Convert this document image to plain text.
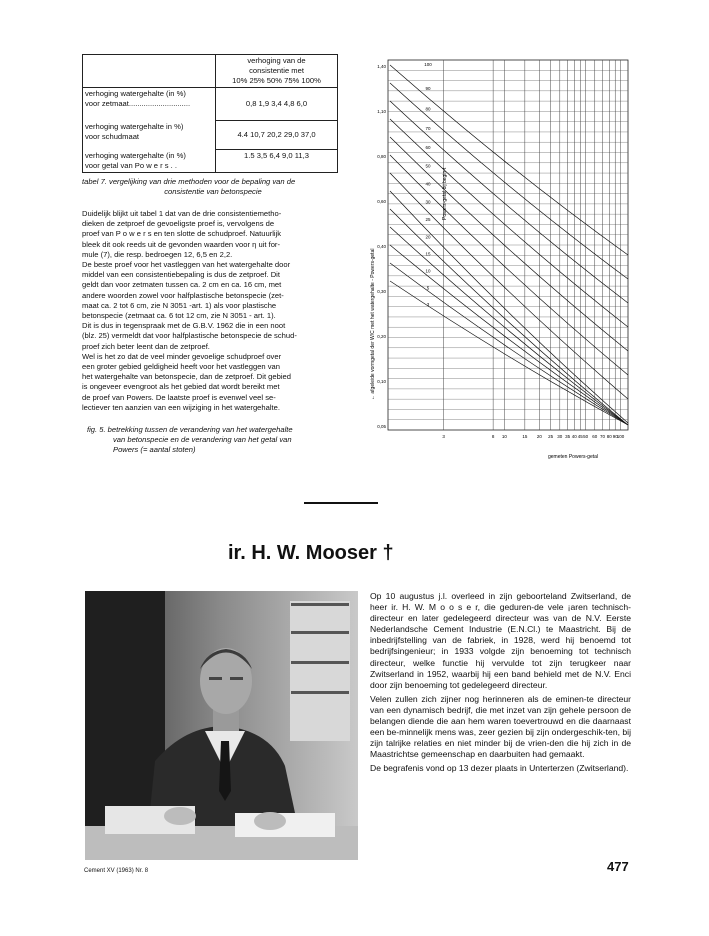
	verhoging van de
consistentie met
10% 25% 50% 75% 100%

verhoging watergehalte (in %)
voor zetmaat.............................	0,8 1,9 3,4 4,8 6,0

verhoging watergehalte in %)
voor schudmaat	4.4 10,7 20,2 29,0 37,0

verhoging watergehalte (in %)
voor getal van Po w e r s . .	1.5 3,5 6,4 9,0 11,3
tabel 7. vergelijking van drie methoden voor de bepaling van de
consistentie van betonspecie

Duidelijk blijkt uit tabel 1 dat van de drie consistentiemetho-

dieken de zetproef de gevoeligste proef is, vervolgens de

proef van P o w e r s en ten slotte de schudproef. Natuurlijk

bleek dit ook reeds uit de gevonden waarden voor η uit for-

mule (7), die resp. bedroegen 12, 6,5 en 2,2.

De beste proef voor het vastleggen van het watergehalte door

middel van een consistentiebepaling is dus de zetproef. Dit

geldt dan voor zetmaten tussen ca. 2 cm en ca. 16 cm, met

andere woorden zowel voor halfplastische betonspecie (zet-

maat ca. 2 tot 6 cm, zie N 3051 -art. 1) als voor plastische

betonspecie (zetmaat ca. 6 tot 12 cm, zie N 3051 - art. 1).

Dit is dus in tegenspraak met de G.B.V. 1962 die in een noot

(blz. 25) vermeldt dat voor halfplastische betonspecie de schud-

proef zich beter leent dan de zetproef.

Wel is het zo dat de veel minder gevoelige schudproef over

een groter gebied geldigheid heeft voor het vastleggen van

het watergehalte van betonspecie, dan de zetproef. Dit gebied

is ongeveer evengroot als het gebied dat wordt bereikt met

de proef van Powers. De laatste proef is evenwel veel se-

lectiever ten aanzien van een wijziging in het watergehalte.

fig. 5. betrekking tussen de verandering van het watergehalte
van betonspecie en de verandering van het getal van
Powers (= aantal stoten)
3	8 10	15 20 25 30 35 40 45 50 60 70 80 90 100
1,40
1,10
0,80
0,60
0,40
0,30
0,20
0,10
0,05
100
90
80
70
60
50
40
30
25
20
15
10
5
3
← afgeleide vormgetal der W/C met het watergehalte - Powers-getal
Powers-getal bij begin-t
gemeten Powers-getal
ir. H. W. Mooser †

Op 10 augustus j.l. overleed in zijn geboorteland Zwitserland, de heer ir. H. W. M o o s e r, die geduren-de vele ¡aren technisch-directeur en later gedelegeerd directeur was van de N.V. Eerste Nederlandsche Cement Industrie (E.N.Cl.) te Maastricht. Bij de inbedrijfstelling van de fabriek, in 1928, werd hij benoemd tot bedrijfsingenieur; in 1933 volgde zijn benoeming tot technisch directeur, welke functie hij vervulde tot zijn terugkeer naar Zwitserland in 1952, waarbij hij een band behield met de N.V. Enci door zijn benoeming tot gedelegeerd directeur.

Velen zullen zich zijner nog herinneren als de eminen-te directeur van een dynamisch bedrijf, die met inzet van zijn gehele persoon de belangen diende die aan hem waren toevertrouwd en die daarnaast een be-minnelijk mens was, zeer gezien bij zijn ondergeschik-ten, bij zijn talrijke relaties en niet minder bij de vrien-den die hij zich in de Maastrichtse gemeenschap en daarbuiten had gemaakt.

De begrafenis vond op 13 dezer plaats in Unterterzen (Zwitserland).

Cement XV (1963) Nr. 8	477
